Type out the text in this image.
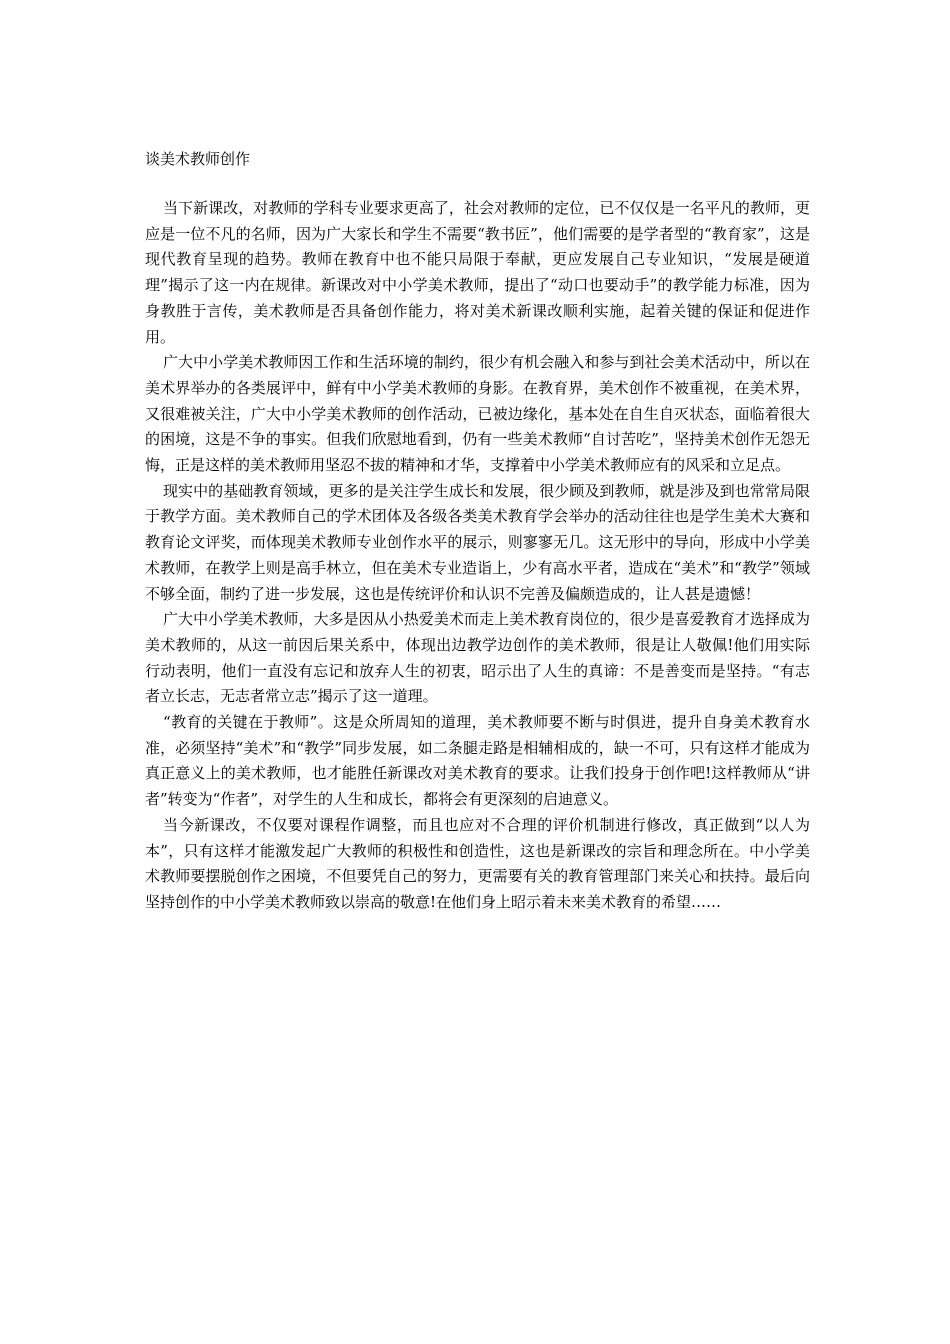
谈美术教师创作

当下新课改，对教师的学科专业要求更高了，社会对教师的定位，已不仅仅是一名平凡的教师，更应是一位不凡的名师，因为广大家长和学生不需要“教书匠”，他们需要的是学者型的“教育家”，这是现代教育呈现的趋势。教师在教育中也不能只局限于奉献，更应发展自己专业知识，“发展是硬道理”揭示了这一内在规律。新课改对中小学美术教师，提出了“动口也要动手”的教学能力标准，因为身教胜于言传，美术教师是否具备创作能力，将对美术新课改顺利实施，起着关键的保证和促进作用。

广大中小学美术教师因工作和生活环境的制约，很少有机会融入和参与到社会美术活动中，所以在美术界举办的各类展评中，鲜有中小学美术教师的身影。在教育界，美术创作不被重视，在美术界，又很难被关注，广大中小学美术教师的创作活动，已被边缘化，基本处在自生自灭状态，面临着很大的困境，这是不争的事实。但我们欣慰地看到，仍有一些美术教师“自讨苦吃”，坚持美术创作无怨无悔，正是这样的美术教师用坚忍不拔的精神和才华，支撑着中小学美术教师应有的风采和立足点。

现实中的基础教育领域，更多的是关注学生成长和发展，很少顾及到教师，就是涉及到也常常局限于教学方面。美术教师自己的学术团体及各级各类美术教育学会举办的活动往往也是学生美术大赛和教育论文评奖，而体现美术教师专业创作水平的展示，则寥寥无几。这无形中的导向，形成中小学美术教师，在教学上则是高手林立，但在美术专业造诣上，少有高水平者，造成在“美术”和“教学”领域不够全面，制约了进一步发展，这也是传统评价和认识不完善及偏颇造成的，让人甚是遗憾！

广大中小学美术教师，大多是因从小热爱美术而走上美术教育岗位的，很少是喜爱教育才选择成为美术教师的，从这一前因后果关系中，体现出边教学边创作的美术教师，很是让人敬佩!他们用实际行动表明，他们一直没有忘记和放弃人生的初衷，昭示出了人生的真谛：不是善变而是坚持。“有志者立长志，无志者常立志”揭示了这一道理。

“教育的关键在于教师”。这是众所周知的道理，美术教师要不断与时俱进，提升自身美术教育水准，必须坚持“美术”和“教学”同步发展，如二条腿走路是相辅相成的，缺一不可，只有这样才能成为真正意义上的美术教师，也才能胜任新课改对美术教育的要求。让我们投身于创作吧!这样教师从“讲者”转变为“作者”，对学生的人生和成长，都将会有更深刻的启迪意义。

当今新课改，不仅要对课程作调整，而且也应对不合理的评价机制进行修改，真正做到“以人为本”，只有这样才能激发起广大教师的积极性和创造性，这也是新课改的宗旨和理念所在。中小学美术教师要摆脱创作之困境，不但要凭自己的努力，更需要有关的教育管理部门来关心和扶持。最后向坚持创作的中小学美术教师致以崇高的敬意!在他们身上昭示着未来美术教育的希望……
